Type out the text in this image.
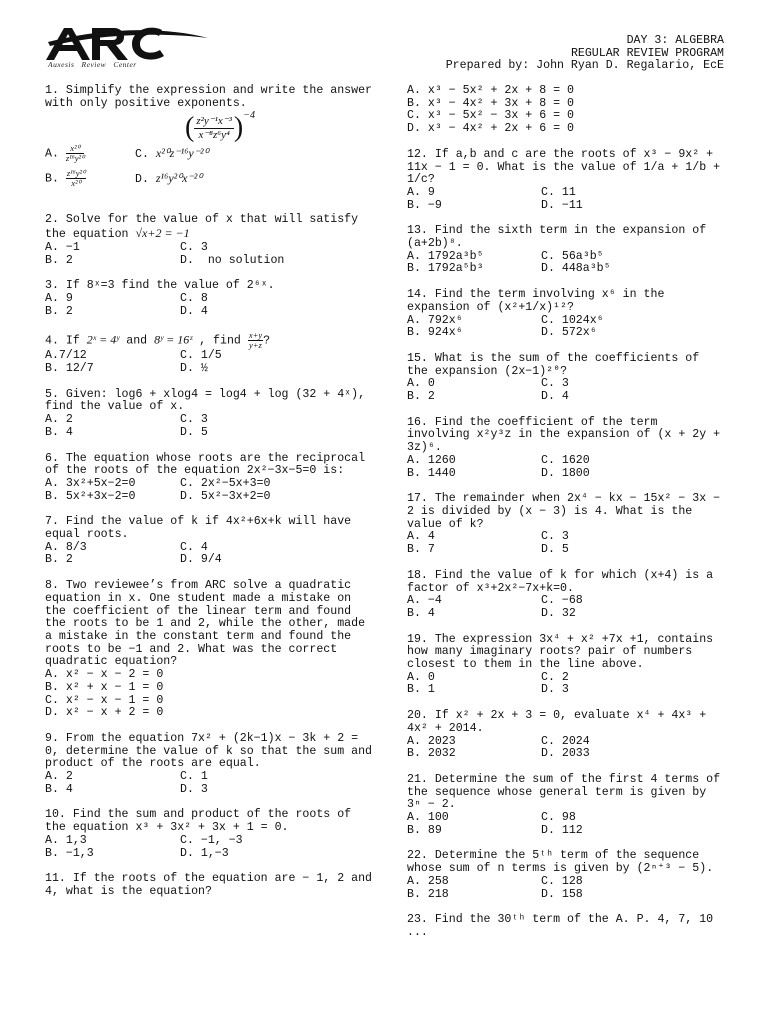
Auxesis   Review   Center
DAY 3: ALGEBRA
REGULAR REVIEW PROGRAM
Prepared by: John Ryan D. Regalario, EcE
1. Simplify the expression and write the answer with only positive exponents.
( $\frac{\text{z²y⁻¹x⁻³}}{\text{x⁻⁸z⁶y⁴}})-4$
A. $\frac{\text{x²⁰}}{\text{z¹⁶y²⁰}}$	C. x²⁰z⁻¹⁶y⁻²⁰
B. $\frac{\text{z¹⁶y²⁰}}{\text{x²⁰}}$	D. z¹⁶y²⁰x⁻²⁰
2. Solve for the value of x that will satisfy the equation √x+2 = −1
A. −1	C. 3
B. 2	D.  no solution
3. If 8ˣ=3 find the value of 2⁶ˣ.
A. 9	C. 8
B. 2	D. 4
4. If 2ˣ = 4ʸ and 8ʸ = 16ᶻ , find $\frac{x+y}{y+z}$ ?
A.7/12	C. 1/5
B. 12/7	D. ½
5. Given: log6 + xlog4 = log4 + log (32 + 4ˣ), find the value of x.
A. 2	C. 3
B. 4	D. 5
6. The equation whose roots are the reciprocal of the roots of the equation 2x²−3x−5=0 is:
A. 3x²+5x−2=0	C. 2x²−5x+3=0
B. 5x²+3x−2=0	D. 5x²−3x+2=0
7. Find the value of k if 4x²+6x+k will have equal roots.
A. 8/3	C. 4
B. 2	D. 9/4
8. Two reviewee’s from ARC solve a quadratic equation in x. One student made a mistake on the coefficient of the linear term and found the roots to be 1 and 2, while the other, made a mistake in the constant term and found the roots to be −1 and 2. What was the correct quadratic equation?
A. x² − x − 2 = 0
B. x² + x − 1 = 0
C. x² − x − 1 = 0
D. x² − x + 2 = 0
9. From the equation 7x² + (2k−1)x − 3k + 2 = 0, determine the value of k so that the sum and product of the roots are equal.
A. 2	C. 1
B. 4	D. 3
10. Find the sum and product of the roots of the equation x³ + 3x² + 3x + 1 = 0.
A. 1,3	C. −1, −3
B. −1,3	D. 1,−3
11. If the roots of the equation are − 1, 2 and 4, what is the equation?
A. x³ − 5x² + 2x + 8 = 0
B. x³ − 4x² + 3x + 8 = 0
C. x³ − 5x² − 3x + 6 = 0
D. x³ − 4x² + 2x + 6 = 0
12. If a,b and c are the roots of x³ − 9x² + 11x − 1 = 0. What is the value of 1/a + 1/b + 1/c?
A. 9	C. 11
B. −9	D. −11
13. Find the sixth term in the expansion of (a+2b)⁸.
A. 1792a³b⁵	C. 56a³b⁵
B. 1792a⁵b³	D. 448a³b⁵
14. Find the term involving x⁶ in the expansion of (x²+1/x)¹²?
A. 792x⁶	C. 1024x⁶
B. 924x⁶	D. 572x⁶
15. What is the sum of the coefficients of the expansion (2x−1)²⁰?
A. 0	C. 3
B. 2	D. 4
16. Find the coefficient of the term involving x²y³z in the expansion of (x + 2y + 3z)⁶.
A. 1260	C. 1620
B. 1440	D. 1800
17. The remainder when 2x⁴ − kx − 15x² − 3x − 2 is divided by (x − 3) is 4. What is the value of k?
A. 4	C. 3
B. 7	D. 5
18. Find the value of k for which (x+4) is a factor of x³+2x²−7x+k=0.
A. −4	C. −68
B. 4	D. 32
19. The expression 3x⁴ + x² +7x +1, contains how many imaginary roots? pair of numbers closest to them in the line above.
A. 0	C. 2
B. 1	D. 3
20. If x² + 2x + 3 = 0, evaluate x⁴ + 4x³ + 4x² + 2014.
A. 2023	C. 2024
B. 2032	D. 2033
21. Determine the sum of the first 4 terms of the sequence whose general term is given by 3ⁿ − 2.
A. 100	C. 98
B. 89	D. 112
22. Determine the 5ᵗʰ term of the sequence whose sum of n terms is given by (2ⁿ⁺³ − 5).
A. 258	C. 128
B. 218	D. 158
23. Find the 30ᵗʰ term of the A. P. 4, 7, 10 ...
